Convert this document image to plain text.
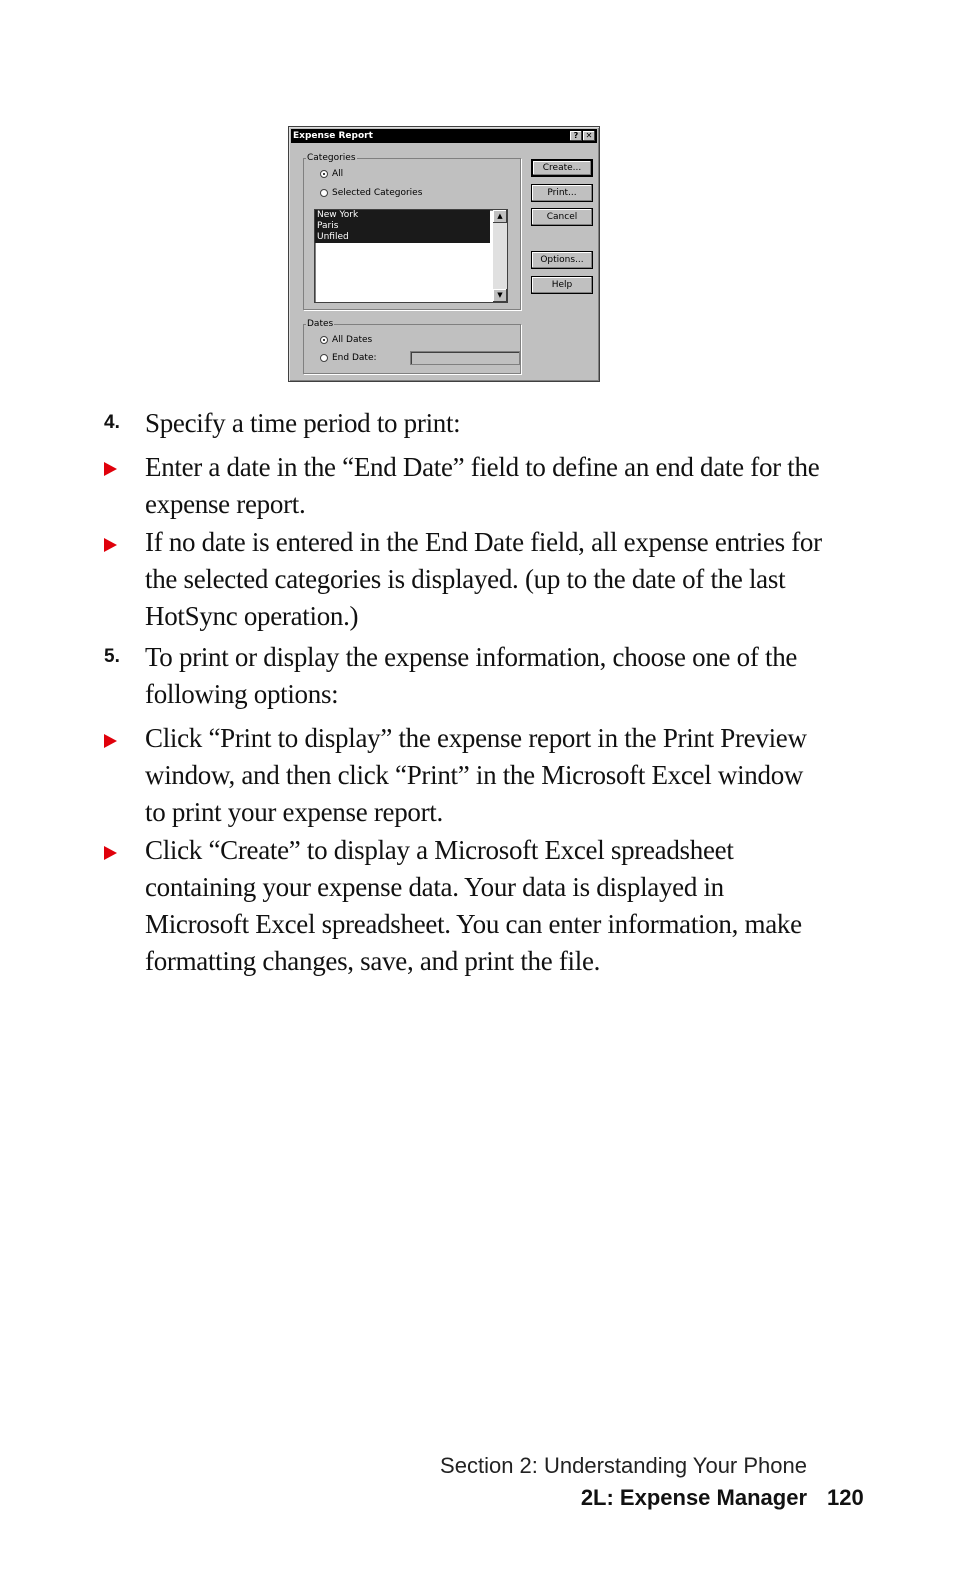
Expense Report	? ✕
Categories
All
Selected Categories
New York
Paris
Unfiled
▲
▼
Dates
All Dates
End Date:
Create...
Print...
Cancel
Options...
Help
4. Specify a time period to print:
Enter a date in the “End Date” field to define an end date for the expense report.
If no date is entered in the End Date field, all expense entries for the selected categories is displayed. (up to the date of the last HotSync operation.)
5. To print or display the expense information, choose one of the following options:
Click “Print to display” the expense report in the Print Preview window, and then click “Print” in the Microsoft Excel window to print your expense report.
Click “Create” to display a Microsoft Excel spreadsheet containing your expense data. Your data is displayed in Microsoft Excel spreadsheet. You can enter information, make formatting changes, save, and print the file.
Section 2: Understanding Your Phone
2L: Expense Manager 120
